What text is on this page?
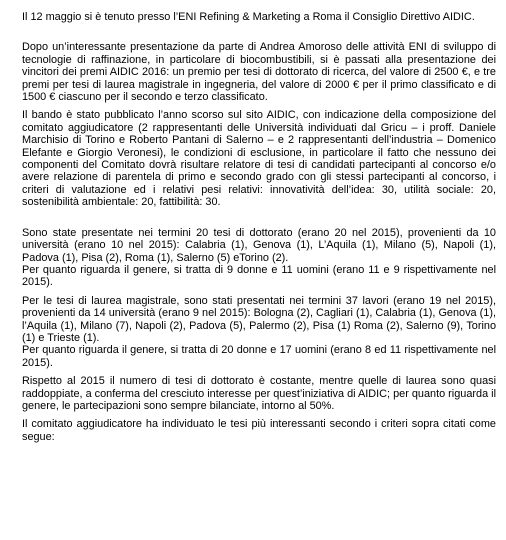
Il 12 maggio si è tenuto presso l’ENI Refining & Marketing a Roma il Consiglio Direttivo AIDIC.

Dopo un’interessante presentazione da parte di Andrea Amoroso delle attività ENI di sviluppo di tecnologie di raffinazione, in particolare di biocombustibili, si è passati alla presentazione dei vincitori dei premi AIDIC 2016: un premio per tesi di dottorato di ricerca, del valore di 2500 €, e tre premi per tesi di laurea magistrale in ingegneria, del valore di 2000 € per il primo classificato e di 1500 € ciascuno per il secondo e terzo classificato.

Il bando è stato pubblicato l’anno scorso sul sito AIDIC, con indicazione della composizione del comitato aggiudicatore (2 rappresentanti delle Università individuati dal Gricu – i proff. Daniele Marchisio di Torino e Roberto Pantani di Salerno – e 2 rappresentanti dell’industria – Domenico Elefante e Giorgio Veronesi), le condizioni di esclusione, in particolare il fatto che nessuno dei componenti del Comitato dovrà risultare relatore di tesi di candidati partecipanti al concorso e/o avere relazione di parentela di primo e secondo grado con gli stessi partecipanti al concorso, i criteri di valutazione ed i relativi pesi relativi: innovatività dell’idea: 30, utilità sociale: 20, sostenibilità ambientale: 20, fattibilità: 30.

Sono state presentate nei termini 20 tesi di dottorato (erano 20 nel 2015), provenienti da 10 università (erano 10 nel 2015): Calabria (1), Genova (1), L’Aquila (1), Milano (5), Napoli (1), Padova (1), Pisa (2), Roma (1), Salerno (5) eTorino (2).

Per quanto riguarda il genere, si tratta di 9 donne e 11 uomini (erano 11 e 9 rispettivamente nel 2015).

Per le tesi di laurea magistrale, sono stati presentati nei termini 37 lavori (erano 19 nel 2015), provenienti da 14 università (erano 9 nel 2015): Bologna (2), Cagliari (1), Calabria (1), Genova (1), l’Aquila (1), Milano (7), Napoli (2), Padova (5), Palermo (2), Pisa (1) Roma (2), Salerno (9), Torino (1) e Trieste (1).

Per quanto riguarda il genere, si tratta di 20 donne e 17 uomini (erano 8 ed 11 rispettivamente nel 2015).

Rispetto al 2015 il numero di tesi di dottorato è costante, mentre quelle di laurea sono quasi raddoppiate, a conferma del cresciuto interesse per quest’iniziativa di AIDIC; per quanto riguarda il genere, le partecipazioni sono sempre bilanciate, intorno al 50%.

Il comitato aggiudicatore ha individuato le tesi più interessanti secondo i criteri sopra citati come segue:
